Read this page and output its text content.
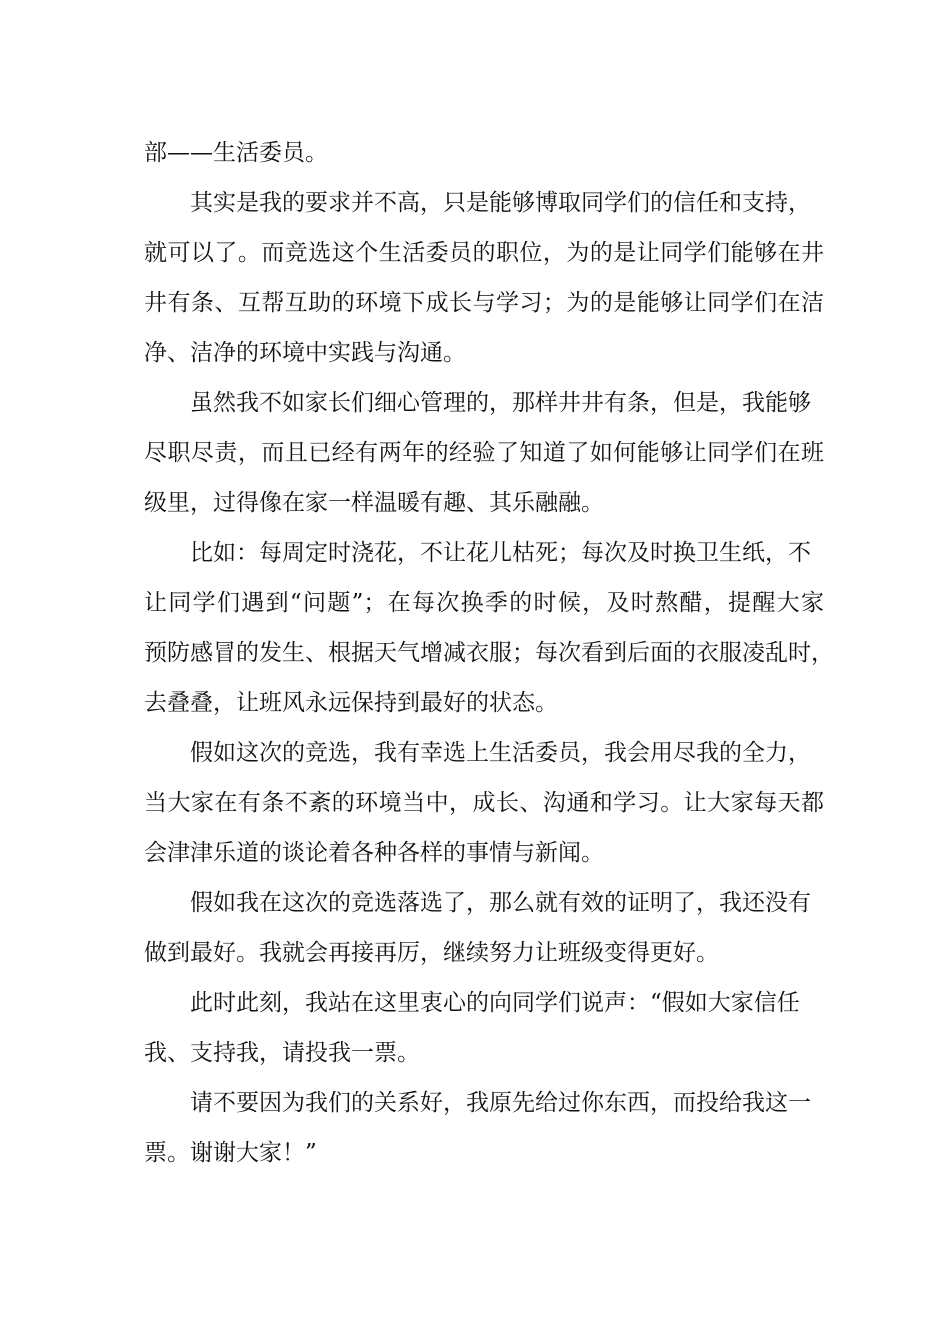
部——生活委员。
其实是我的要求并不高，只是能够博取同学们的信任和支持，
就可以了。而竞选这个生活委员的职位，为的是让同学们能够在井
井有条、互帮互助的环境下成长与学习；为的是能够让同学们在洁
净、洁净的环境中实践与沟通。
虽然我不如家长们细心管理的，那样井井有条，但是，我能够
尽职尽责，而且已经有两年的经验了知道了如何能够让同学们在班
级里，过得像在家一样温暖有趣、其乐融融。
比如：每周定时浇花，不让花儿枯死；每次及时换卫生纸，不
让同学们遇到“问题”；在每次换季的时候，及时熬醋，提醒大家
预防感冒的发生、根据天气增减衣服；每次看到后面的衣服凌乱时，
去叠叠，让班风永远保持到最好的状态。
假如这次的竞选，我有幸选上生活委员，我会用尽我的全力，
当大家在有条不紊的环境当中，成长、沟通和学习。让大家每天都
会津津乐道的谈论着各种各样的事情与新闻。
假如我在这次的竞选落选了，那么就有效的证明了，我还没有
做到最好。我就会再接再厉，继续努力让班级变得更好。
此时此刻，我站在这里衷心的向同学们说声：“假如大家信任
我、支持我，请投我一票。
请不要因为我们的关系好，我原先给过你东西，而投给我这一
票。谢谢大家！”
